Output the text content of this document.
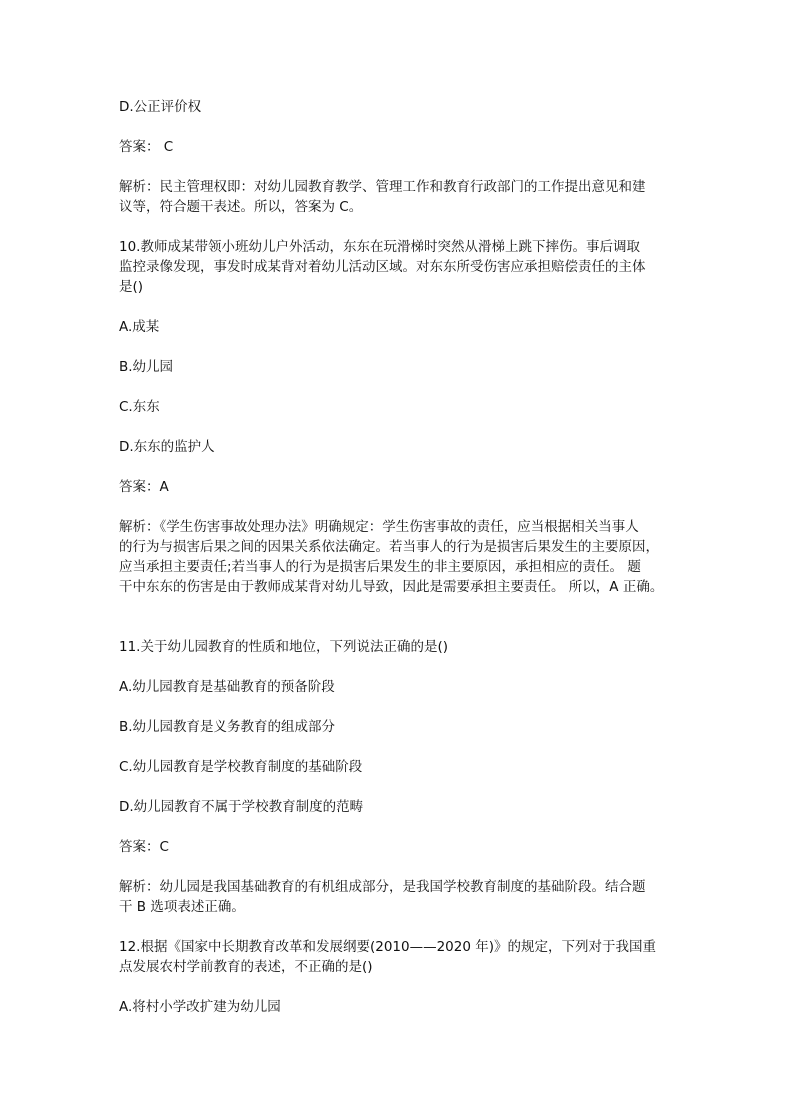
D.公正评价权
答案： C
解析：民主管理权即：对幼儿园教育教学、管理工作和教育行政部门的工作提出意见和建
议等，符合题干表述。所以，答案为 C。
10.教师成某带领小班幼儿户外活动，东东在玩滑梯时突然从滑梯上跳下摔伤。事后调取
监控录像发现，事发时成某背对着幼儿活动区域。对东东所受伤害应承担赔偿责任的主体
是()
A.成某
B.幼儿园
C.东东
D.东东的监护人
答案：A
解析：《学生伤害事故处理办法》明确规定：学生伤害事故的责任，应当根据相关当事人
的行为与损害后果之间的因果关系依法确定。若当事人的行为是损害后果发生的主要原因，
应当承担主要责任;若当事人的行为是损害后果发生的非主要原因，承担相应的责任。 题
干中东东的伤害是由于教师成某背对幼儿导致，因此是需要承担主要责任。 所以，A 正确。
11.关于幼儿园教育的性质和地位，下列说法正确的是()
A.幼儿园教育是基础教育的预备阶段
B.幼儿园教育是义务教育的组成部分
C.幼儿园教育是学校教育制度的基础阶段
D.幼儿园教育不属于学校教育制度的范畴
答案：C
解析：幼儿园是我国基础教育的有机组成部分，是我国学校教育制度的基础阶段。结合题
干 B 选项表述正确。
12.根据《国家中长期教育改革和发展纲要(2010——2020 年)》的规定，下列对于我国重
点发展农村学前教育的表述，不正确的是()
A.将村小学改扩建为幼儿园
